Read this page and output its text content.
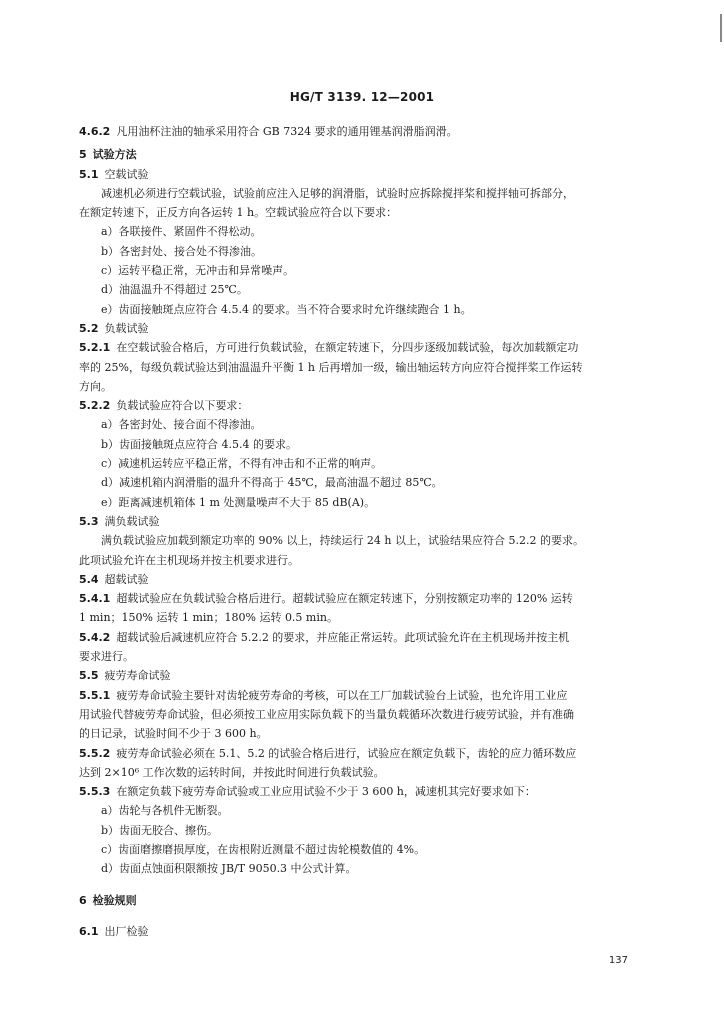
HG/T 3139. 12—2001
4.6.2 凡用油杯注油的轴承采用符合 GB 7324 要求的通用锂基润滑脂润滑。
5 试验方法
5.1 空载试验
减速机必须进行空载试验，试验前应注入足够的润滑脂，试验时应拆除搅拌桨和搅拌轴可拆部分，
在额定转速下，正反方向各运转 1 h。空载试验应符合以下要求：
a）各联接件、紧固件不得松动。
b）各密封处、接合处不得渗油。
c）运转平稳正常，无冲击和异常噪声。
d）油温温升不得超过 25℃。
e）齿面接触斑点应符合 4.5.4 的要求。当不符合要求时允许继续跑合 1 h。
5.2 负载试验
5.2.1 在空载试验合格后，方可进行负载试验，在额定转速下，分四步逐级加载试验，每次加载额定功
率的 25%，每级负载试验达到油温温升平衡 1 h 后再增加一级，输出轴运转方向应符合搅拌桨工作运转
方向。
5.2.2 负载试验应符合以下要求：
a）各密封处、接合面不得渗油。
b）齿面接触斑点应符合 4.5.4 的要求。
c）减速机运转应平稳正常，不得有冲击和不正常的响声。
d）减速机箱内润滑脂的温升不得高于 45℃，最高油温不超过 85℃。
e）距离减速机箱体 1 m 处测量噪声不大于 85 dB(A)。
5.3 满负载试验
满负载试验应加载到额定功率的 90% 以上，持续运行 24 h 以上，试验结果应符合 5.2.2 的要求。
此项试验允许在主机现场并按主机要求进行。
5.4 超载试验
5.4.1 超载试验应在负载试验合格后进行。超载试验应在额定转速下，分别按额定功率的 120% 运转
1 min；150% 运转 1 min；180% 运转 0.5 min。
5.4.2 超载试验后减速机应符合 5.2.2 的要求，并应能正常运转。此项试验允许在主机现场并按主机
要求进行。
5.5 疲劳寿命试验
5.5.1 疲劳寿命试验主要针对齿轮疲劳寿命的考核，可以在工厂加载试验台上试验，也允许用工业应
用试验代替疲劳寿命试验，但必须按工业应用实际负载下的当量负载循环次数进行疲劳试验，并有准确
的日记录，试验时间不少于 3 600 h。
5.5.2 疲劳寿命试验必须在 5.1、5.2 的试验合格后进行，试验应在额定负载下，齿轮的应力循环数应
达到 2×10⁶ 工作次数的运转时间，并按此时间进行负载试验。
5.5.3 在额定负载下疲劳寿命试验或工业应用试验不少于 3 600 h，减速机其完好要求如下：
a）齿轮与各机件无断裂。
b）齿面无胶合、擦伤。
c）齿面磨擦磨损厚度，在齿根附近测量不超过齿轮模数值的 4%。
d）齿面点蚀面积限额按 JB/T 9050.3 中公式计算。
6 检验规则
6.1 出厂检验
137
